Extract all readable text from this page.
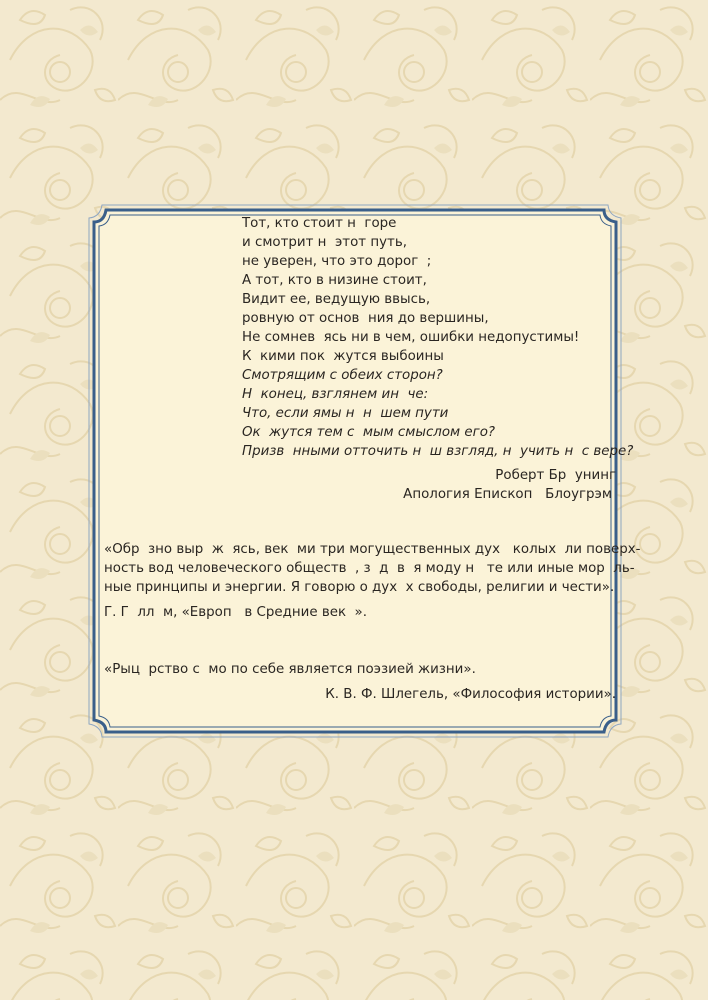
Тот, кто стоит н  горе
и смотрит н  этот путь,
не уверен, что это дорог  ;
А тот, кто в низине стоит,
Видит ее, ведущую ввысь,
ровную от основ  ния до вершины,
Не сомнев  ясь ни в чем, ошибки недопустимы!
К  кими пок  жутся выбоины
Смотрящим с обеих сторон?
Н  конец, взглянем ин  че:
Что, если ямы н  н  шем пути
Ок  жутся тем с  мым смыслом его?
Призв  нными отточить н  ш взгляд, н  учить н  с вере?
Роберт Бр  унинг
Апология Епископ   Блоугрэм
«Обр  зно выр  ж  ясь, век  ми три могущественных дух   колых  ли поверх-
ность вод человеческого обществ  , з  д  в  я моду н   те или иные мор  ль-
ные принципы и энергии. Я говорю о дух  х свободы, религии и чести».
Г. Г  лл  м, «Европ   в Средние век  ».
«Рыц  рство с  мо по себе является поэзией жизни».
К. В. Ф. Шлегель, «Философия истории».
